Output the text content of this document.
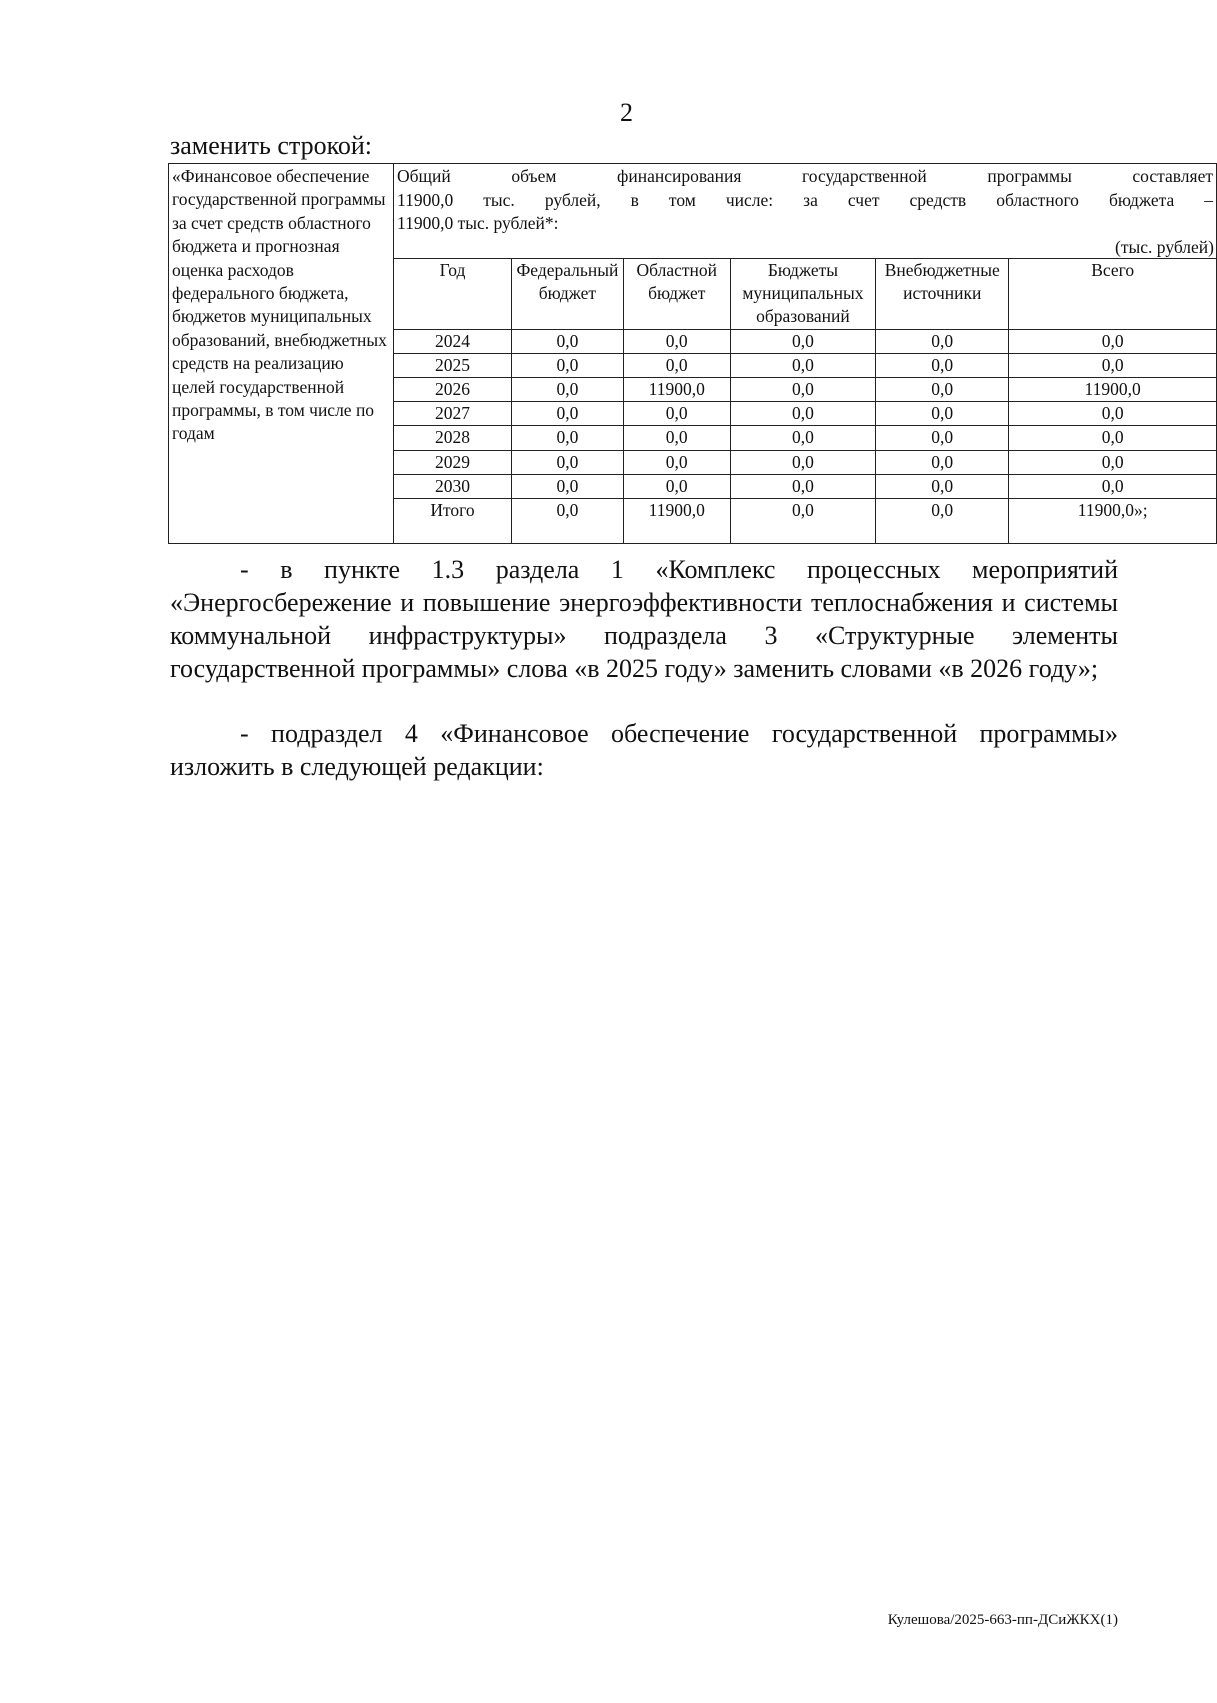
2
заменить строкой:
«Финансовое обеспечение государственной программы за счет средств областного бюджета и прогнозная оценка расходов федерального бюджета, бюджетов муниципальных образований, внебюджетных средств на реализацию целей государственной программы, в том числе по годам	
Общий объем финансирования государственной программы составляет
11900,0 тыс. рублей, в том числе: за счет средств областного бюджета –
11900,0 тыс. рублей*:
(тыс. рублей)
Год	Федеральный бюджет	Областной бюджет	Бюджеты муниципальных образований	Внебюджетные источники	Всего
2024	0,0	0,0	0,0	0,0	0,0
2025	0,0	0,0	0,0	0,0	0,0
2026	0,0	11900,0	0,0	0,0	11900,0
2027	0,0	0,0	0,0	0,0	0,0
2028	0,0	0,0	0,0	0,0	0,0
2029	0,0	0,0	0,0	0,0	0,0
2030	0,0	0,0	0,0	0,0	0,0
Итого	0,0	11900,0	0,0	0,0	11900,0»;
- в пункте 1.3 раздела 1 «Комплекс процессных мероприятий «Энергосбережение и повышение энергоэффективности теплоснабжения и системы коммунальной инфраструктуры» подраздела 3 «Структурные элементы государственной программы» слова «в 2025 году» заменить словами «в 2026 году»;
- подраздел 4 «Финансовое обеспечение государственной программы» изложить в следующей редакции:
Кулешова/2025-663-пп-ДСиЖКХ(1)
